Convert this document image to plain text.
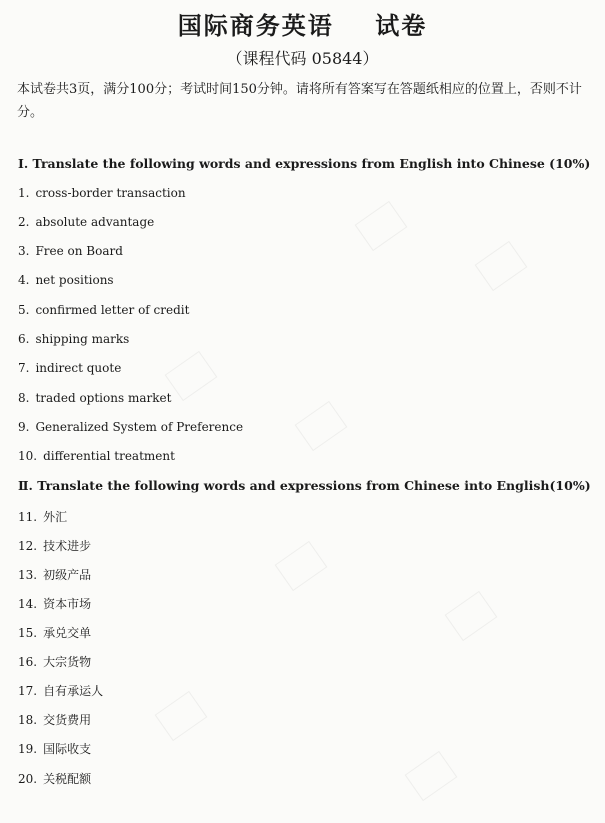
国际商务英语    试卷
（课程代码 05844）
本试卷共3页，满分100分；考试时间150分钟。请将所有答案写在答题纸相应的位置上，否则不计分。
Ⅰ. Translate the following words and expressions from English into Chinese (10%)
1. cross-border transaction
2. absolute advantage
3. Free on Board
4. net positions
5. confirmed letter of credit
6. shipping marks
7. indirect quote
8. traded options market
9. Generalized System of Preference
10. differential treatment
Ⅱ. Translate the following words and expressions from Chinese into English(10%)
11. 外汇
12. 技术进步
13. 初级产品
14. 资本市场
15. 承兑交单
16. 大宗货物
17. 自有承运人
18. 交货费用
19. 国际收支
20. 关税配额
